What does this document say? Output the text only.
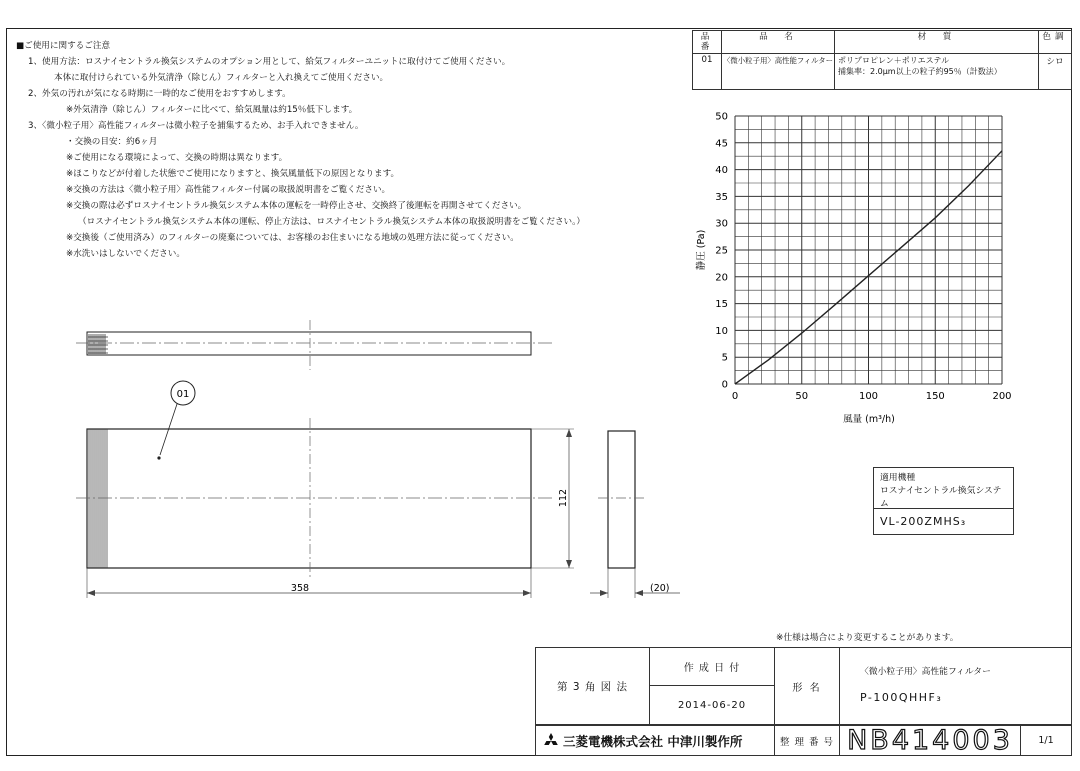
■ご使用に関するご注意
1、使用方法：ロスナイセントラル換気システムのオプション用として、給気フィルターユニットに取付けてご使用ください。
本体に取付けられている外気清浄（除じん）フィルターと入れ換えてご使用ください。
2、外気の汚れが気になる時期に一時的なご使用をおすすめします。
※外気清浄（除じん）フィルターに比べて、給気風量は約15％低下します。
3、〈微小粒子用〉高性能フィルターは微小粒子を捕集するため、お手入れできません。
・交換の目安：約6ヶ月
※ご使用になる環境によって、交換の時期は異なります。
※ほこりなどが付着した状態でご使用になりますと、換気風量低下の原因となります。
※交換の方法は〈微小粒子用〉高性能フィルター付属の取扱説明書をご覧ください。
※交換の際は必ずロスナイセントラル換気システム本体の運転を一時停止させ、交換終了後運転を再開させてください。
（ロスナイセントラル換気システム本体の運転、停止方法は、ロスナイセントラル換気システム本体の取扱説明書をご覧ください。）
※交換後（ご使用済み）のフィルターの廃棄については、お客様のお住まいになる地域の処理方法に従ってください。
※水洗いはしないでください。
品番	品　名	材　質	色調
01	〈微小粒子用〉高性能フィルター	ポリプロピレン＋ポリエステル
捕集率：2.0μm以上の粒子約95％（計数法）	シロ
0	50	100	150	200
0
5
10
15
20
25
30
35
40
45
50
風量 (m³/h)
静圧 (Pa)
01
112
358	(20)
適用機種
ロスナイセントラル換気システム
VL-200ZMHS₃
※仕様は場合により変更することがあります。
第 3 角 図 法
作 成 日 付
2014-06-20
形 名
〈微小粒子用〉高性能フィルター
P-100QHHF₃
三菱電機株式会社 中津川製作所	整 理 番 号 NB414003	1/1
